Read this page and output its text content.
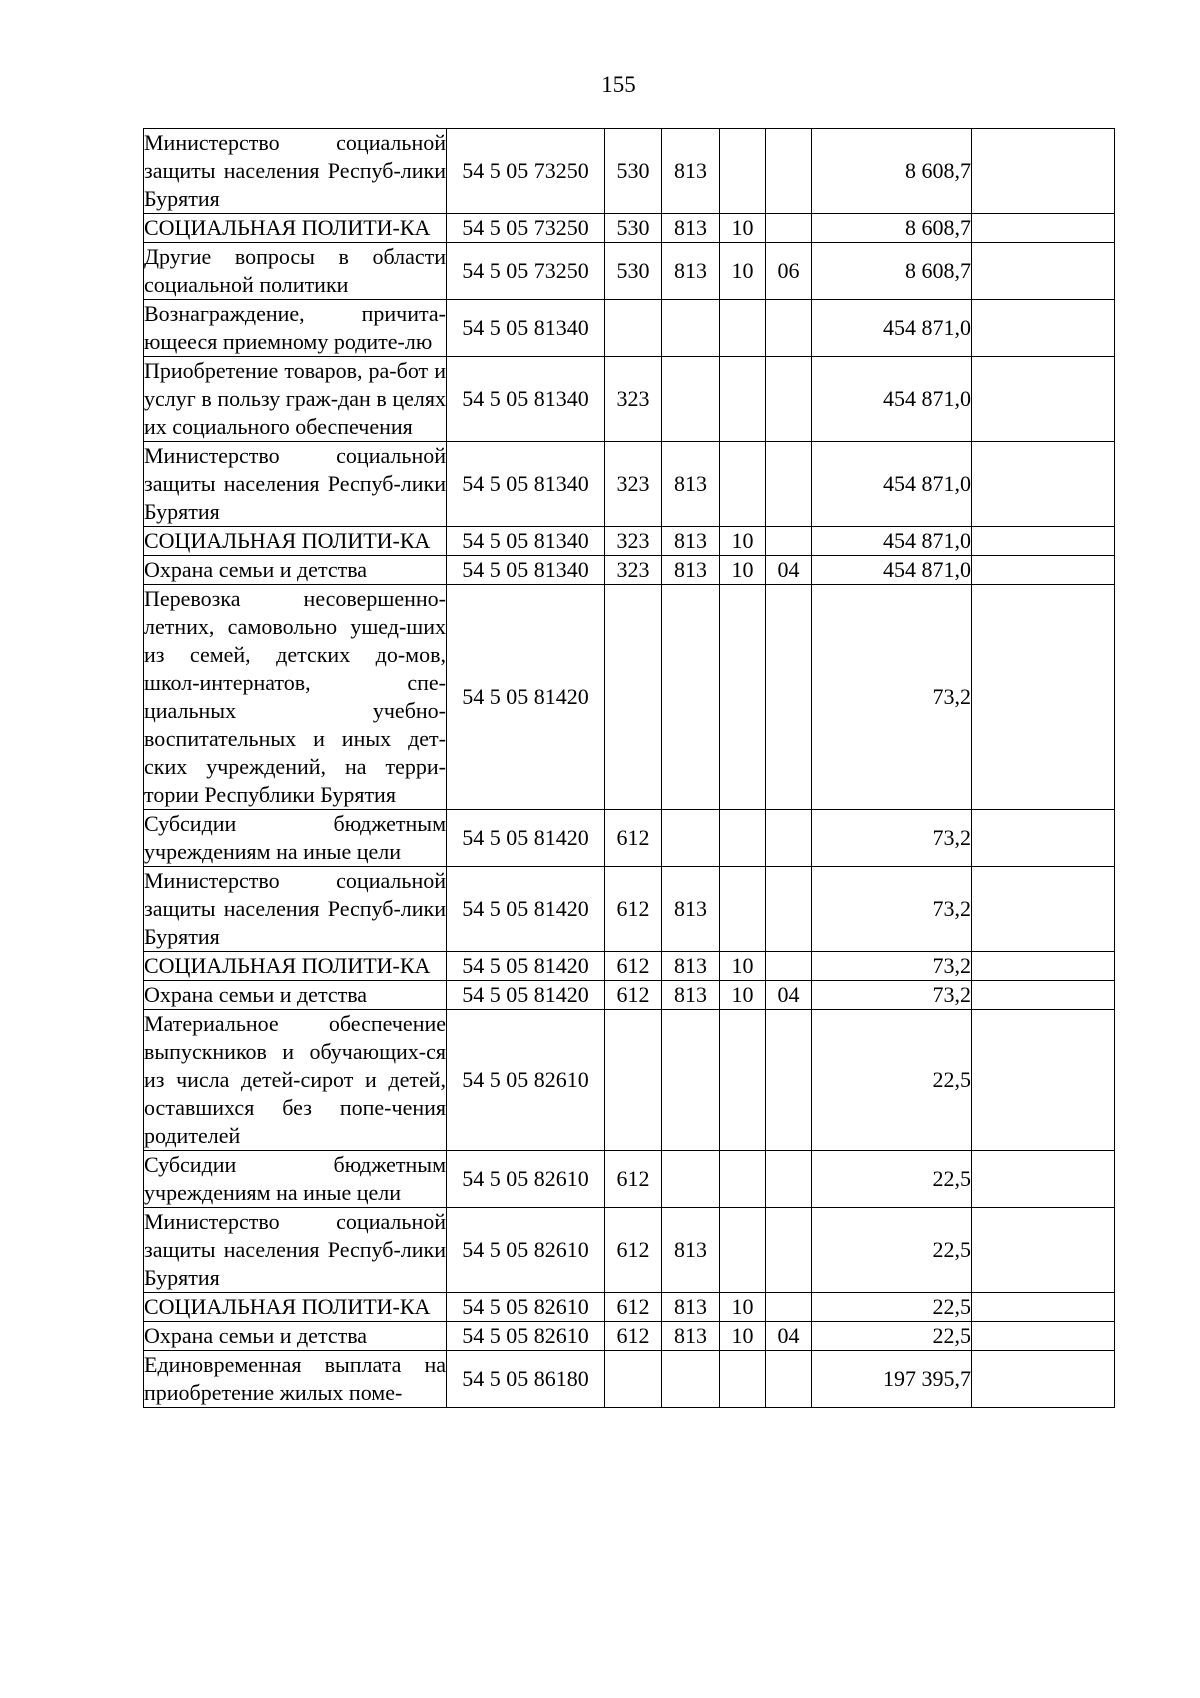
155
Министерство социальной защиты населения Респуб-лики Бурятия	54 5 05 73250	530	813			8 608,7	
СОЦИАЛЬНАЯ ПОЛИТИ-КА	54 5 05 73250	530	813	10		8 608,7	
Другие вопросы в области социальной политики	54 5 05 73250	530	813	10	06	8 608,7	
Вознаграждение, причита-ющееся приемному родите-лю	54 5 05 81340					454 871,0	
Приобретение товаров, ра-бот и услуг в пользу граж-дан в целях их социального обеспечения	54 5 05 81340	323				454 871,0	
Министерство социальной защиты населения Респуб-лики Бурятия	54 5 05 81340	323	813			454 871,0	
СОЦИАЛЬНАЯ ПОЛИТИ-КА	54 5 05 81340	323	813	10		454 871,0	
Охрана семьи и детства	54 5 05 81340	323	813	10	04	454 871,0	
Перевозка несовершенно-летних, самовольно ушед-ших из семей, детских до-мов, школ-интернатов, спе-циальных учебно-воспитательных и иных дет-ских учреждений, на терри-тории Республики Бурятия	54 5 05 81420					73,2	
Субсидии бюджетным учреждениям на иные цели	54 5 05 81420	612				73,2	
Министерство социальной защиты населения Респуб-лики Бурятия	54 5 05 81420	612	813			73,2	
СОЦИАЛЬНАЯ ПОЛИТИ-КА	54 5 05 81420	612	813	10		73,2	
Охрана семьи и детства	54 5 05 81420	612	813	10	04	73,2	
Материальное обеспечение выпускников и обучающих-ся из числа детей-сирот и детей, оставшихся без попе-чения родителей	54 5 05 82610					22,5	
Субсидии бюджетным учреждениям на иные цели	54 5 05 82610	612				22,5	
Министерство социальной защиты населения Респуб-лики Бурятия	54 5 05 82610	612	813			22,5	
СОЦИАЛЬНАЯ ПОЛИТИ-КА	54 5 05 82610	612	813	10		22,5	
Охрана семьи и детства	54 5 05 82610	612	813	10	04	22,5	
Единовременная выплата на приобретение жилых поме-	54 5 05 86180					197 395,7	
